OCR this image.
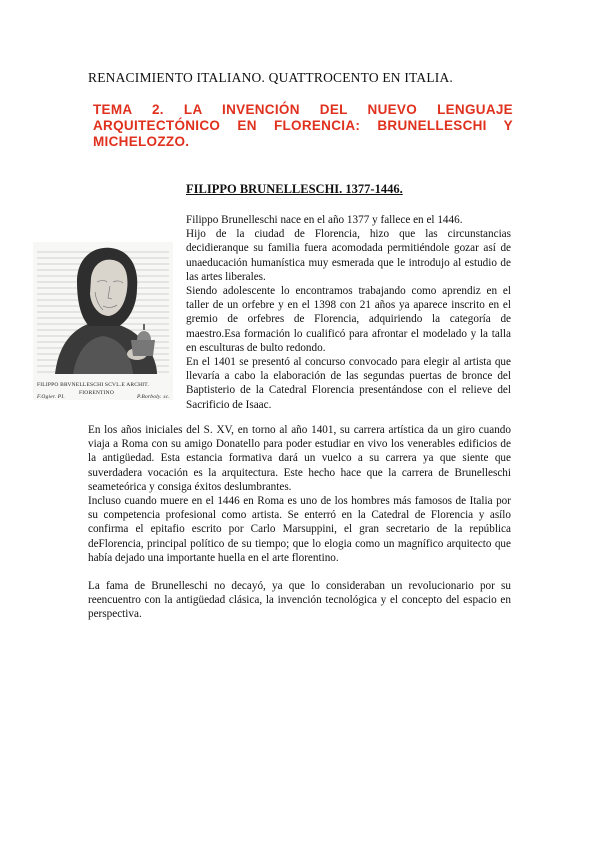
RENACIMIENTO ITALIANO. QUATTROCENTO EN ITALIA.
TEMA 2. LA INVENCIÓN DEL NUEVO LENGUAJE ARQUITECTÓNICO EN FLORENCIA: BRUNELLESCHI Y MICHELOZZO.
FILIPPO BRUNELLESCHI. 1377-1446.
FILIPPO BRVNELLESCHI SCVL.E ARCHIT.
FIORENTINO
F.Ogier. PI.	P.Borboly. sc.

Filippo Brunelleschi nace en el año 1377 y fallece en el 1446.

Hijo de la ciudad de Florencia, hizo que las circunstancias decidieranque su familia fuera acomodada permitiéndole gozar así de unaeducación humanística muy esmerada que le introdujo al estudio de las artes liberales.

Siendo adolescente lo encontramos trabajando como aprendiz en el taller de un orfebre y en el 1398 con 21 años ya aparece inscrito en el gremio de orfebres de Florencia, adquiriendo la categoría de maestro.Esa formación lo cualificó para afrontar el modelado y la talla en esculturas de bulto redondo.

En el 1401 se presentó al concurso convocado para elegir al artista que llevaría a cabo la elaboración de las segundas puertas de bronce del Baptisterio de la Catedral Florencia presentándose con el relieve del Sacrificio de Isaac.

En los años iniciales del S. XV, en torno al año 1401, su carrera artística da un giro cuando viaja a Roma con su amigo Donatello para poder estudiar en vivo los venerables edificios de la antigüedad. Esta estancia formativa dará un vuelco a su carrera ya que siente que suverdadera vocación es la arquitectura. Este hecho hace que la carrera de Brunelleschi seameteórica y consiga éxitos deslumbrantes.

Incluso cuando muere en el 1446 en Roma es uno de los hombres más famosos de Italia por su competencia profesional como artista. Se enterró en la Catedral de Florencia y asílo confirma el epitafio escrito por Carlo Marsuppini, el gran secretario de la república deFlorencia, principal político de su tiempo; que lo elogia como un magnífico arquitecto que había dejado una importante huella en el arte florentino.

La fama de Brunelleschi no decayó, ya que lo consideraban un revolucionario por su reencuentro con la antigüedad clásica, la invención tecnológica y el concepto del espacio en perspectiva.
